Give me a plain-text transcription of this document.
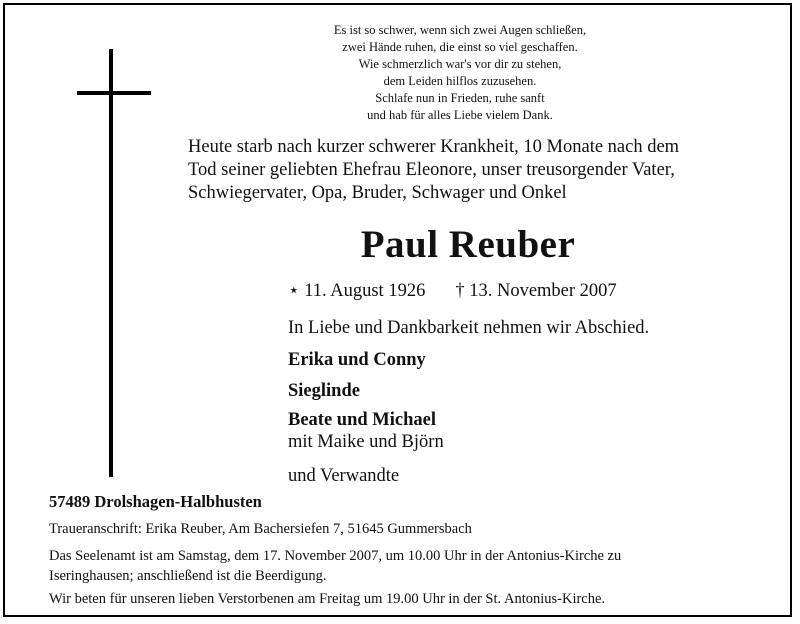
Es ist so schwer, wenn sich zwei Augen schließen,
zwei Hände ruhen, die einst so viel geschaffen.
Wie schmerzlich war's vor dir zu stehen,
dem Leiden hilflos zuzusehen.
Schlafe nun in Frieden, ruhe sanft
und hab für alles Liebe vielem Dank.
Heute starb nach kurzer schwerer Krankheit, 10 Monate nach dem
Tod seiner geliebten Ehefrau Eleonore, unser treusorgender Vater,
Schwiegervater, Opa, Bruder, Schwager und Onkel
Paul Reuber
⋆ 11. August 1926 † 13. November 2007
In Liebe und Dankbarkeit nehmen wir Abschied.
Erika und Conny
Sieglinde
Beate und Michael
mit Maike und Björn
und Verwandte
57489 Drolshagen-Halbhusten
Traueranschrift: Erika Reuber, Am Bachersiefen 7, 51645 Gummersbach
Das Seelenamt ist am Samstag, dem 17. November 2007, um 10.00 Uhr in der Antonius-Kirche zu
Iseringhausen; anschließend ist die Beerdigung.
Wir beten für unseren lieben Verstorbenen am Freitag um 19.00 Uhr in der St. Antonius-Kirche.
